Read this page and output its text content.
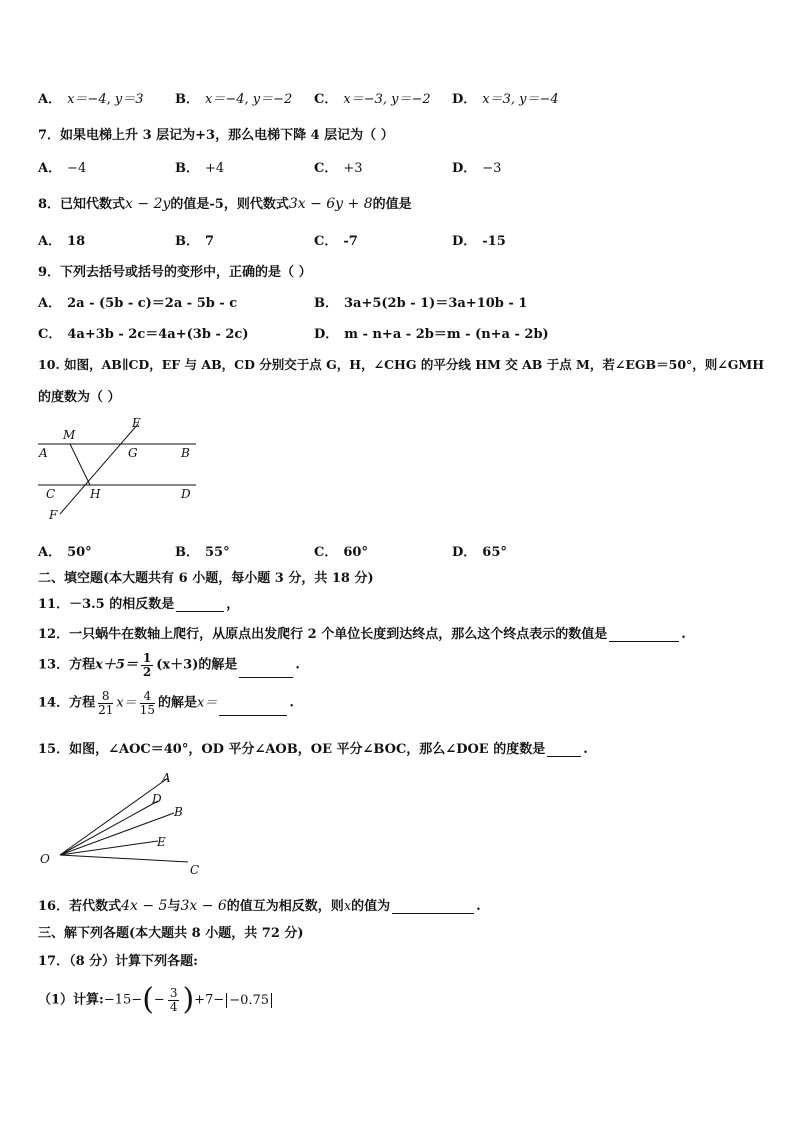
A． x＝−4, y＝3 B． x＝−4, y＝−2 C． x＝−3, y＝−2 D． x＝3, y＝−4
7．如果电梯上升 3 层记为+3，那么电梯下降 4 层记为（ ）
A． −4	B． +4	C． +3	D． −3
8．已知代数式x − 2y的值是-5，则代数式3x − 6y + 8的值是
A． 18	B． 7	C． -7	D． -15
9．下列去括号或括号的变形中，正确的是（ ）
A． 2a - (5b - c)＝2a - 5b - c	B． 3a+5(2b - 1)＝3a+10b - 1
C． 4a+3b - 2c＝4a+(3b - 2c)	D． m - n+a - 2b＝m - (n+a - 2b)
10. 如图，AB∥CD，EF 与 AB，CD 分别交于点 G，H，∠CHG 的平分线 HM 交 AB 于点 M，若∠EGB＝50°，则∠GMH
的度数为（ ）
M
E
A	G	B
C	H	D
F
A． 50°	B． 55°	C． 60°	D． 65°
二、填空题(本大题共有 6 小题，每小题 3 分，共 18 分)
11．－3.5 的相反数是	，
12．一只蜗牛在数轴上爬行，从原点出发爬行 2 个单位长度到达终点，那么这个终点表示的数值是	.
13．方程$x+5= \frac{1}{2} (x+3)$的解是	.
14．方程 $\frac{8}{21} x= \frac{4}{15}$ 的解是x＝	.
15．如图，∠AOC＝40°，OD 平分∠AOB，OE 平分∠BOC，那么∠DOE 的度数是	.
A
D
B
E
C
O
16．若代数式4x − 5与3x − 6的值互为相反数，则x的值为	.
三、解下列各题(本大题共 8 小题，共 72 分)
17．（8 分）计算下列各题:
（1）计算:−15−(− $\frac{3}{4} )+7- -0.75$
